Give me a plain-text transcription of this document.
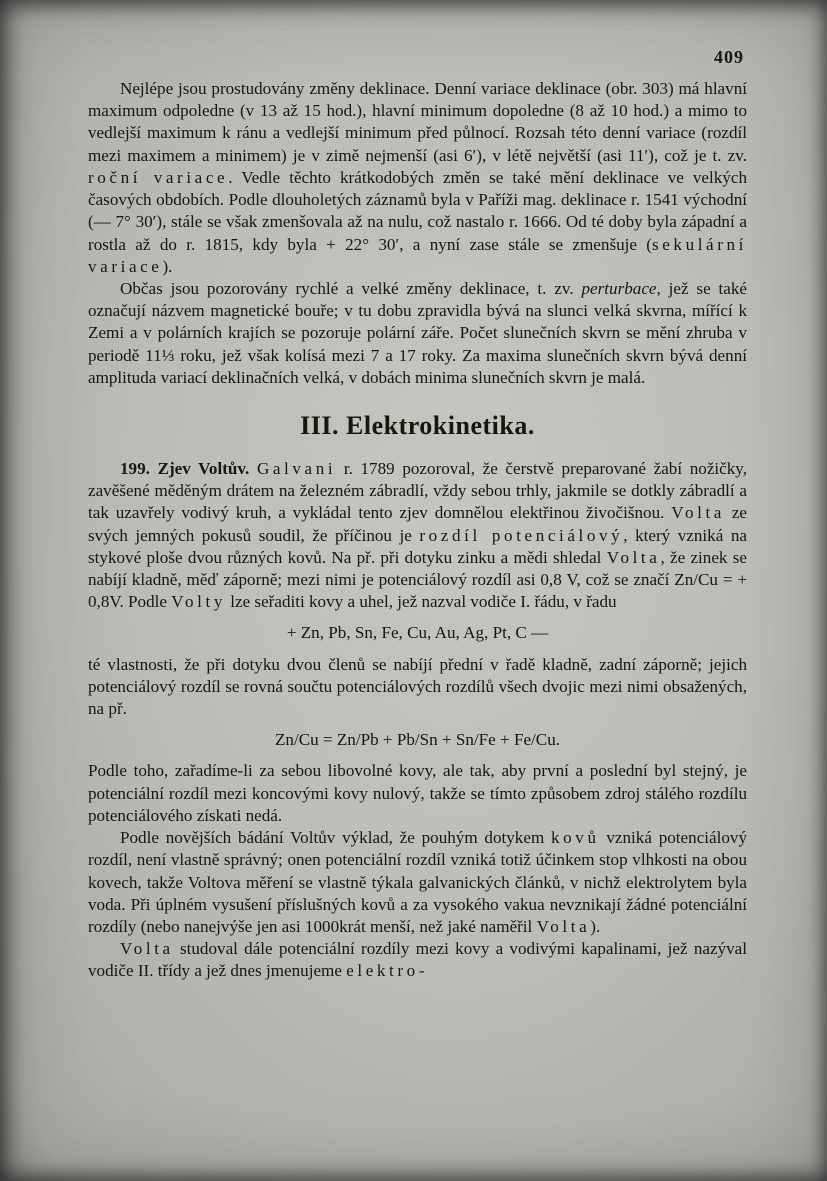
409

Nejlépe jsou prostudovány změny deklinace. Denní variace deklinace (obr. 303) má hlavní maximum odpoledne (v 13 až 15 hod.), hlavní minimum dopoledne (8 až 10 hod.) a mimo to vedlejší maximum k ránu a vedlejší minimum před půlnocí. Rozsah této denní variace (rozdíl mezi maximem a minimem) je v zimě nejmenší (asi 6′), v létě největší (asi 11′), což je t. zv. roční variace. Vedle těchto krátkodobých změn se také mění deklinace ve velkých časových obdobích. Podle dlouholetých záznamů byla v Paříži mag. deklinace r. 1541 východní (— 7° 30′), stále se však zmenšovala až na nulu, což nastalo r. 1666. Od té doby byla západní a rostla až do r. 1815, kdy byla + 22° 30′, a nyní zase stále se zmenšuje (sekulární variace).

Občas jsou pozorovány rychlé a velké změny deklinace, t. zv. perturbace, jež se také označují názvem magnetické bouře; v tu dobu zpravidla bývá na slunci velká skvrna, mířící k Zemi a v polárních krajích se pozoruje polární záře. Počet slunečních skvrn se mění zhruba v periodě 11⅓ roku, jež však kolísá mezi 7 a 17 roky. Za maxima slunečních skvrn bývá denní amplituda variací deklinačních velká, v dobách minima slunečních skvrn je malá.

III. Elektrokinetika.

199. Zjev Voltův. Galvani r. 1789 pozoroval, že čerstvě preparované žabí nožičky, zavěšené měděným drátem na železném zábradlí, vždy sebou trhly, jakmile se dotkly zábradlí a tak uzavřely vodivý kruh, a vykládal tento zjev domnělou elektřinou živočišnou. Volta ze svých jemných pokusů soudil, že příčinou je rozdíl potenciálový, který vzniká na stykové ploše dvou různých kovů. Na př. při dotyku zinku a mědi shledal Volta, že zinek se nabíjí kladně, měď záporně; mezi nimi je potenciálový rozdíl asi 0,8 V, což se značí Zn/Cu = + 0,8V. Podle Volty lze seřaditi kovy a uhel, jež nazval vodiče I. řádu, v řadu

+ Zn, Pb, Sn, Fe, Cu, Au, Ag, Pt, C —

té vlastnosti, že při dotyku dvou členů se nabíjí přední v řadě kladně, zadní záporně; jejich potenciálový rozdíl se rovná součtu potenciálových rozdílů všech dvojic mezi nimi obsažených, na př.

Zn/Cu = Zn/Pb + Pb/Sn + Sn/Fe + Fe/Cu.

Podle toho, zařadíme-li za sebou libovolné kovy, ale tak, aby první a poslední byl stejný, je potenciální rozdíl mezi koncovými kovy nulový, takže se tímto způsobem zdroj stálého rozdílu potenciálového získati nedá.

Podle novějších bádání Voltův výklad, že pouhým dotykem kovů vzniká potenciálový rozdíl, není vlastně správný; onen potenciální rozdíl vzniká totiž účinkem stop vlhkosti na obou kovech, takže Voltova měření se vlastně týkala galvanických článků, v nichž elektrolytem byla voda. Při úplném vysušení příslušných kovů a za vysokého vakua nevznikají žádné potenciální rozdíly (nebo nanejvýše jen asi 1000krát menší, než jaké naměřil Volta).

Volta studoval dále potenciální rozdíly mezi kovy a vodivými kapalinami, jež nazýval vodiče II. třídy a jež dnes jmenujeme elektro-
